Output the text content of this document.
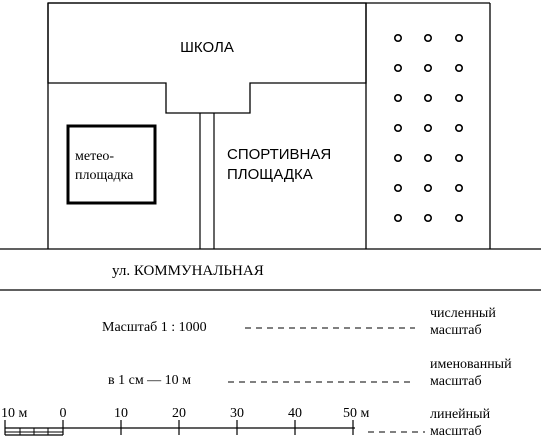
ШКОЛА
метео-
площадка
СПОРТИВНАЯ
ПЛОЩАДКА
ул. КОММУНАЛЬНАЯ
Масштаб 1 : 1000
численный
масштаб
в 1 см — 10 м
именованный
масштаб
10 м 0	10	20	30	40	50 м	линейный
масштаб
